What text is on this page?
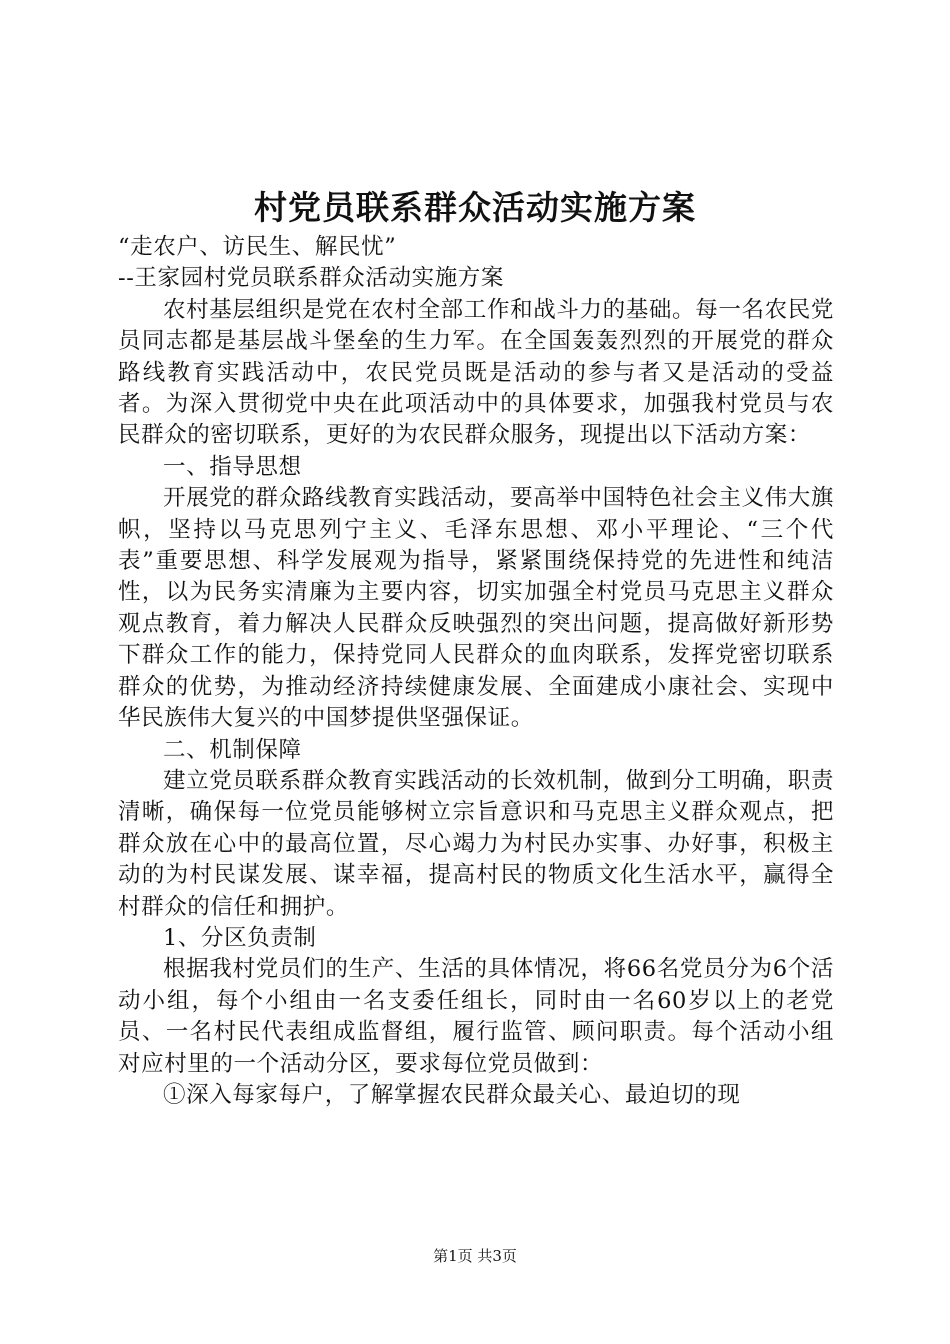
村党员联系群众活动实施方案

“走农户、访民生、解民忧”

--王家园村党员联系群众活动实施方案

农村基层组织是党在农村全部工作和战斗力的基础。每一名农民党员同志都是基层战斗堡垒的生力军。在全国轰轰烈烈的开展党的群众路线教育实践活动中，农民党员既是活动的参与者又是活动的受益者。为深入贯彻党中央在此项活动中的具体要求，加强我村党员与农民群众的密切联系，更好的为农民群众服务，现提出以下活动方案：

一、指导思想

开展党的群众路线教育实践活动，要高举中国特色社会主义伟大旗帜，坚持以马克思列宁主义、毛泽东思想、邓小平理论、“三个代表”重要思想、科学发展观为指导，紧紧围绕保持党的先进性和纯洁性，以为民务实清廉为主要内容，切实加强全村党员马克思主义群众观点教育，着力解决人民群众反映强烈的突出问题，提高做好新形势下群众工作的能力，保持党同人民群众的血肉联系，发挥党密切联系群众的优势，为推动经济持续健康发展、全面建成小康社会、实现中华民族伟大复兴的中国梦提供坚强保证。

二、机制保障

建立党员联系群众教育实践活动的长效机制，做到分工明确，职责清晰，确保每一位党员能够树立宗旨意识和马克思主义群众观点，把群众放在心中的最高位置，尽心竭力为村民办实事、办好事，积极主动的为村民谋发展、谋幸福，提高村民的物质文化生活水平，赢得全村群众的信任和拥护。

1、分区负责制

根据我村党员们的生产、生活的具体情况，将66名党员分为6个活动小组，每个小组由一名支委任组长，同时由一名60岁以上的老党员、一名村民代表组成监督组，履行监管、顾问职责。每个活动小组对应村里的一个活动分区，要求每位党员做到：

①深入每家每户，了解掌握农民群众最关心、最迫切的现

第1页 共3页
